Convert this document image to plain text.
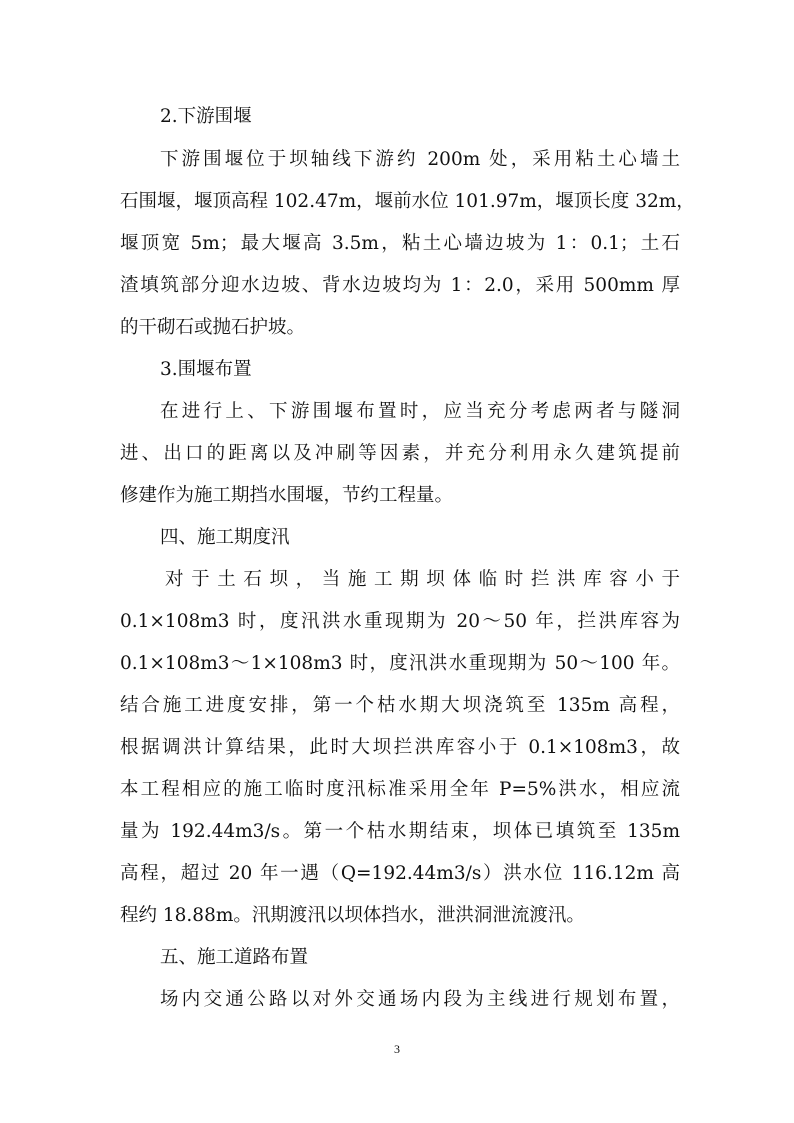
2.下游围堰
下游围堰位于坝轴线下游约 200m 处，采用粘土心墙土
石围堰，堰顶高程 102.47m，堰前水位 101.97m，堰顶长度 32m，
堰顶宽 5m；最大堰高 3.5m，粘土心墙边坡为 1：0.1；土石
渣填筑部分迎水边坡、背水边坡均为 1：2.0，采用 500mm 厚
的干砌石或抛石护坡。
3.围堰布置
在进行上、下游围堰布置时，应当充分考虑两者与隧洞
进、出口的距离以及冲刷等因素，并充分利用永久建筑提前
修建作为施工期挡水围堰，节约工程量。
四、施工期度汛
对于土石坝，当施工期坝体临时拦洪库容小于
0.1×108m3 时，度汛洪水重现期为 20～50 年，拦洪库容为
0.1×108m3～1×108m3 时，度汛洪水重现期为 50～100 年。
结合施工进度安排，第一个枯水期大坝浇筑至 135m 高程，
根据调洪计算结果，此时大坝拦洪库容小于 0.1×108m3，故
本工程相应的施工临时度汛标准采用全年 P=5%洪水，相应流
量为 192.44m3/s。第一个枯水期结束，坝体已填筑至 135m
高程，超过 20 年一遇（Q=192.44m3/s）洪水位 116.12m 高
程约 18.88m。汛期渡汛以坝体挡水，泄洪洞泄流渡汛。
五、施工道路布置
场内交通公路以对外交通场内段为主线进行规划布置，
3
